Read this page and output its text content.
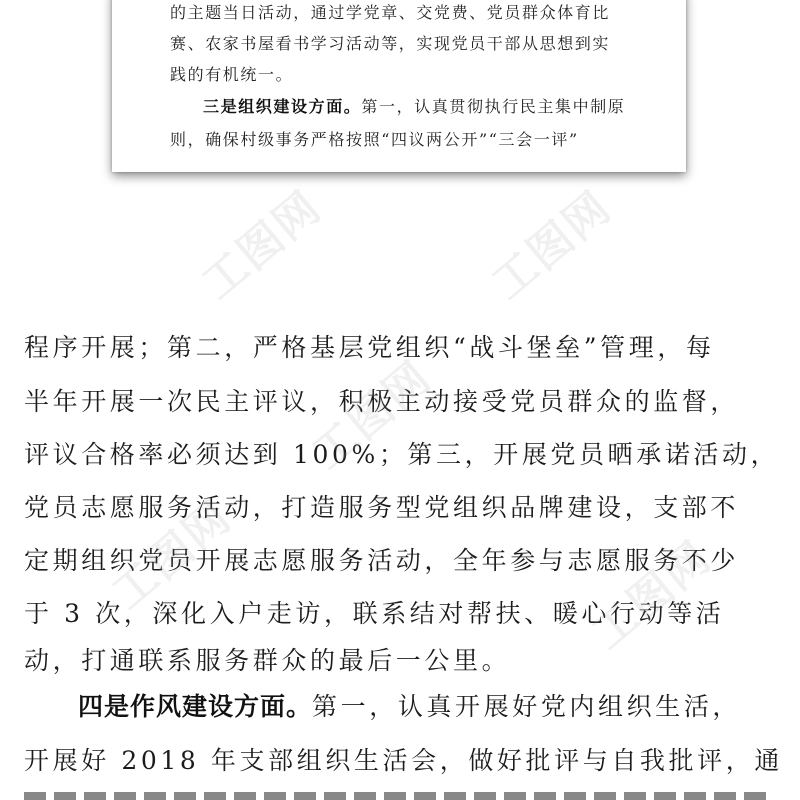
的主题当日活动，通过学党章、交党费、党员群众体育比
赛、农家书屋看书学习活动等，实现党员干部从思想到实
践的有机统一。
三是组织建设方面。第一，认真贯彻执行民主集中制原
则，确保村级事务严格按照“四议两公开”“三会一评”
程序开展；第二，严格基层党组织“战斗堡垒”管理，每
半年开展一次民主评议，积极主动接受党员群众的监督，
评议合格率必须达到 100%；第三，开展党员晒承诺活动，
党员志愿服务活动，打造服务型党组织品牌建设，支部不
定期组织党员开展志愿服务活动，全年参与志愿服务不少
于 3 次，深化入户走访，联系结对帮扶、暖心行动等活
动，打通联系服务群众的最后一公里。
四是作风建设方面。第一，认真开展好党内组织生活，
开展好 2018 年支部组织生活会，做好批评与自我批评，通
工图网	工图网
工图网
工图网	工图网
